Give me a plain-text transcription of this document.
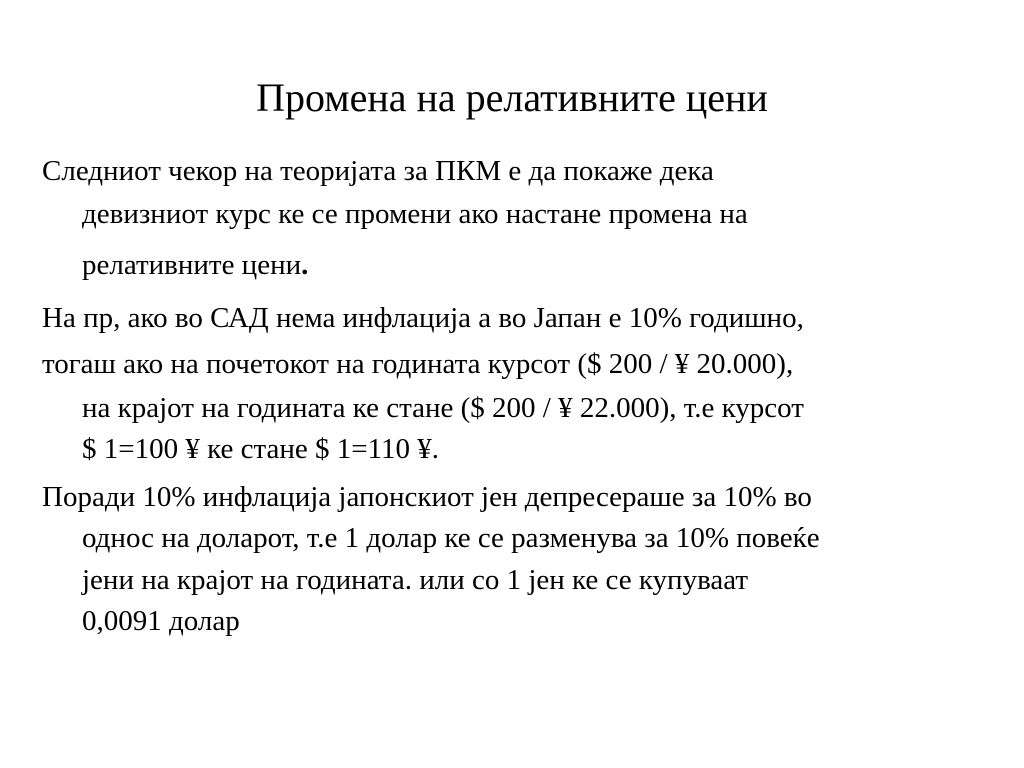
Промена на релативните цени
Следниот чекор на теоријата за ПКМ е да покаже дека
девизниот курс ке се промени ако настане промена на
релативните цени.
На пр, ако во САД нема инфлација а во Јапан е 10% годишно,
тогаш ако на почетокот на годината курсот ($ 200 / ¥ 20.000),
на крајот на годината ке стане ($ 200 / ¥ 22.000), т.е курсот
$ 1=100 ¥ ке стане $ 1=110 ¥.
Поради 10% инфлација јапонскиот јен депресераше за 10% во
однос на доларот, т.е 1 долар ке се разменува за 10% повеќе
јени на крајот на годината. или со 1 јен ке се купуваат
0,0091 долар
